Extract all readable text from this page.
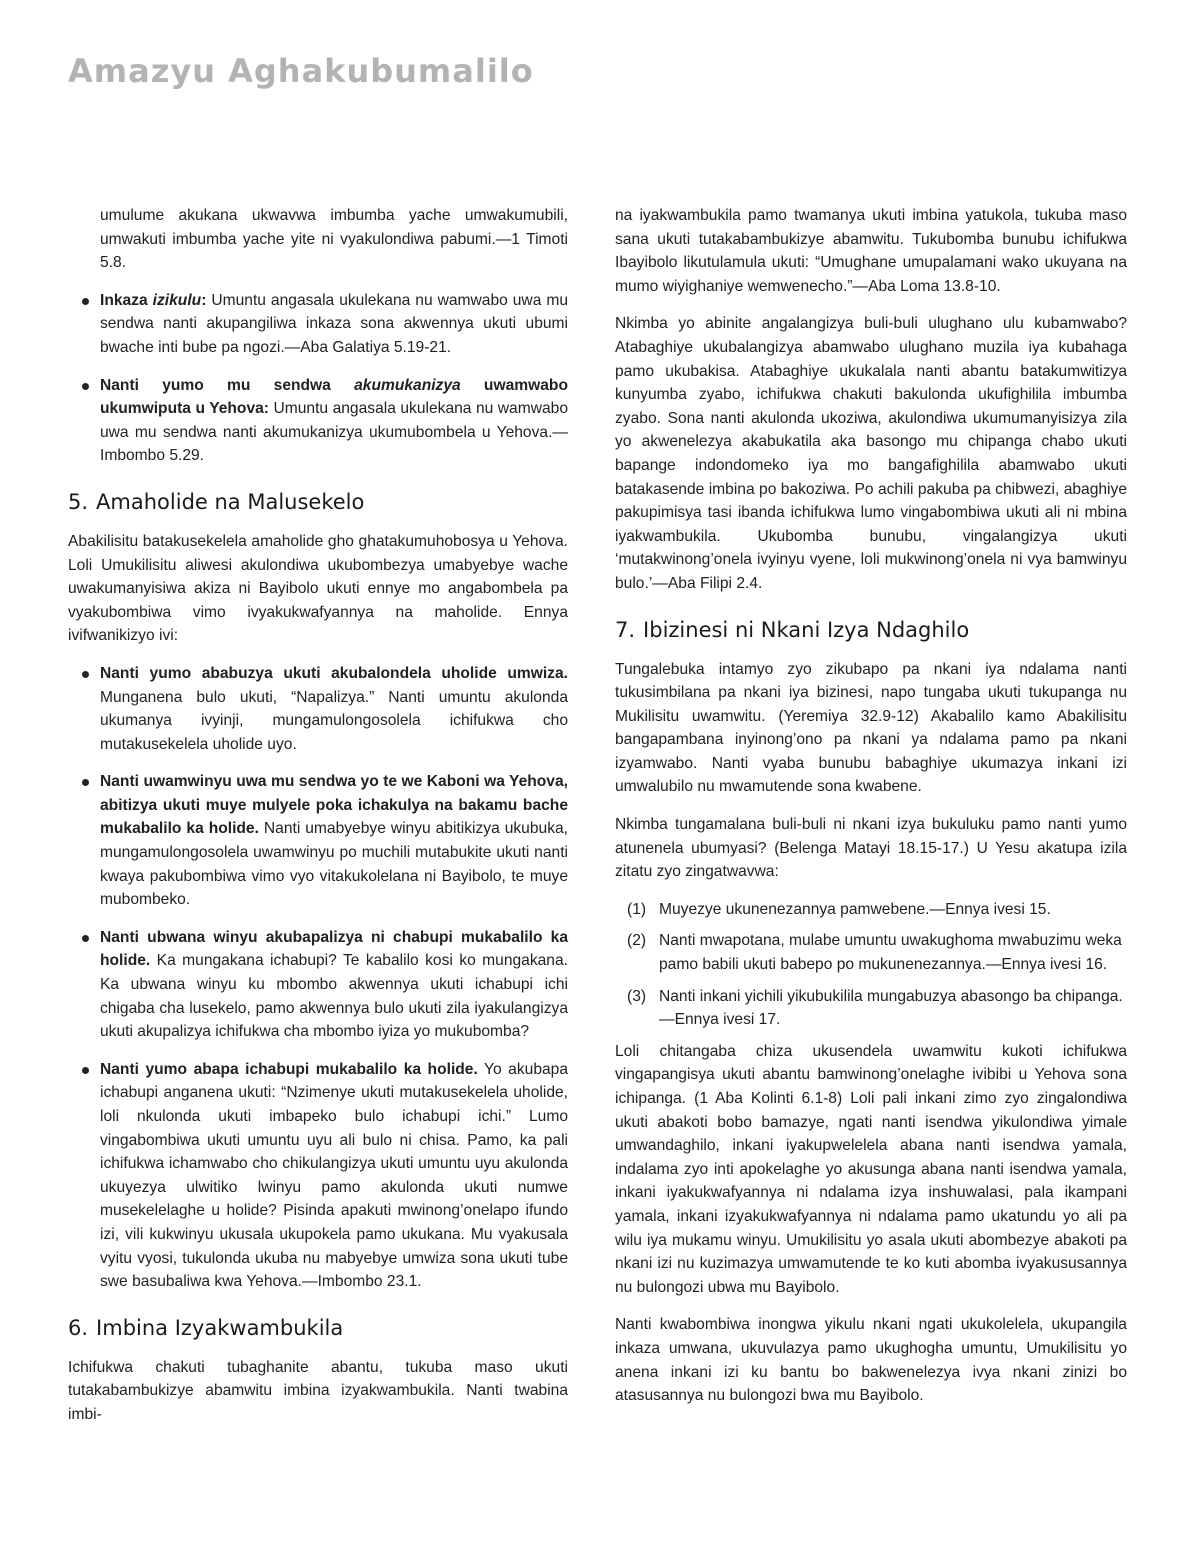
Amazyu Aghakubumalilo

umulume akukana ukwavwa imbumba yache umwakumubili, umwakuti imbumba yache yite ni vyakulondiwa pabumi.—1 Timoti 5.8.

Inkaza izikulu: Umuntu angasala ukulekana nu wamwabo uwa mu sendwa nanti akupangiliwa inkaza sona akwennya ukuti ubumi bwache inti bube pa ngozi.—Aba Galatiya 5.19-21.
Nanti yumo mu sendwa akumukanizya uwamwabo ukumwiputa u Yehova: Umuntu angasala ukulekana nu wamwabo uwa mu sendwa nanti akumukanizya ukumubombela u Yehova.—Imbombo 5.29.
5. Amaholide na Malusekelo

Abakilisitu batakusekelela amaholide gho ghatakumuhobosya u Yehova. Loli Umukilisitu aliwesi akulondiwa ukubombezya umabyebye wache uwakumanyisiwa akiza ni Bayibolo ukuti ennye mo angabombela pa vyakubombiwa vimo ivyakukwafyannya na maholide. Ennya ivifwanikizyo ivi:

Nanti yumo ababuzya ukuti akubalondela uholide umwiza. Munganena bulo ukuti, “Napalizya.” Nanti umuntu akulonda ukumanya ivyinji, mungamulongosolela ichifukwa cho mutakusekelela uholide uyo.
Nanti uwamwinyu uwa mu sendwa yo te we Kaboni wa Yehova, abitizya ukuti muye mulyele poka ichakulya na bakamu bache mukabalilo ka holide. Nanti umabyebye winyu abitikizya ukubuka, mungamulongosolela uwamwinyu po muchili mutabukite ukuti nanti kwaya pakubombiwa vimo vyo vitakukolelana ni Bayibolo, te muye mubombeko.
Nanti ubwana winyu akubapalizya ni chabupi mukabalilo ka holide. Ka mungakana ichabupi? Te kabalilo kosi ko mungakana. Ka ubwana winyu ku mbombo akwennya ukuti ichabupi ichi chigaba cha lusekelo, pamo akwennya bulo ukuti zila iyakulangizya ukuti akupalizya ichifukwa cha mbombo iyiza yo mukubomba?
Nanti yumo abapa ichabupi mukabalilo ka holide. Yo akubapa ichabupi anganena ukuti: “Nzimenye ukuti mutakusekelela uholide, loli nkulonda ukuti imbapeko bulo ichabupi ichi.” Lumo vingabombiwa ukuti umuntu uyu ali bulo ni chisa. Pamo, ka pali ichifukwa ichamwabo cho chikulangizya ukuti umuntu uyu akulonda ukuyezya ulwitiko lwinyu pamo akulonda ukuti numwe musekelelaghe u holide? Pisinda apakuti mwinong’onelapo ifundo izi, vili kukwinyu ukusala ukupokela pamo ukukana. Mu vyakusala vyitu vyosi, tukulonda ukuba nu mabyebye umwiza sona ukuti tube swe basubaliwa kwa Yehova.—Imbombo 23.1.
6. Imbina Izyakwambukila

Ichifukwa chakuti tubaghanite abantu, tukuba maso ukuti tutakabambukizye abamwitu imbina izyakwambukila. Nanti twabina imbi-

na iyakwambukila pamo twamanya ukuti imbina yatukola, tukuba maso sana ukuti tutakabambukizye abamwitu. Tukubomba bunubu ichifukwa Ibayibolo likutulamula ukuti: “Umughane umupalamani wako ukuyana na mumo wiyighaniye wemwenecho.”—Aba Loma 13.8-10.

Nkimba yo abinite angalangizya buli-buli ulughano ulu kubamwabo? Atabaghiye ukubalangizya abamwabo ulughano muzila iya kubahaga pamo ukubakisa. Atabaghiye ukukalala nanti abantu batakumwitizya kunyumba zyabo, ichifukwa chakuti bakulonda ukufighilila imbumba zyabo. Sona nanti akulonda ukoziwa, akulondiwa ukumumanyisizya zila yo akwenelezya akabukatila aka basongo mu chipanga chabo ukuti bapange indondomeko iya mo bangafighilila abamwabo ukuti batakasende imbina po bakoziwa. Po achili pakuba pa chibwezi, abaghiye pakupimisya tasi ibanda ichifukwa lumo vingabombiwa ukuti ali ni mbina iyakwambukila. Ukubomba bunubu, vingalangizya ukuti ‘mutakwinong’onela ivyinyu vyene, loli mukwinong’onela ni vya bamwinyu bulo.’—Aba Filipi 2.4.

7. Ibizinesi ni Nkani Izya Ndaghilo

Tungalebuka intamyo zyo zikubapo pa nkani iya ndalama nanti tukusimbilana pa nkani iya bizinesi, napo tungaba ukuti tukupanga nu Mukilisitu uwamwitu. (Yeremiya 32.9-12) Akabalilo kamo Abakilisitu bangapambana inyinong’ono pa nkani ya ndalama pamo pa nkani izyamwabo. Nanti vyaba bunubu babaghiye ukumazya inkani izi umwalubilo nu mwamutende sona kwabene.

Nkimba tungamalana buli-buli ni nkani izya bukuluku pamo nanti yumo atunenela ubumyasi? (Belenga Matayi 18.15-17.) U Yesu akatupa izila zitatu zyo zingatwavwa:

(1) Muyezye ukunenezannya pamwebene.—Ennya ivesi 15.
(2) Nanti mwapotana, mulabe umuntu uwakughoma mwabuzimu weka pamo babili ukuti babepo po mukunenezannya.—Ennya ivesi 16.
(3) Nanti inkani yichili yikubukilila mungabuzya abasongo ba chipanga.—Ennya ivesi 17.

Loli chitangaba chiza ukusendela uwamwitu kukoti ichifukwa vingapangisya ukuti abantu bamwinong’onelaghe ivibibi u Yehova sona ichipanga. (1 Aba Kolinti 6.1-8) Loli pali inkani zimo zyo zingalondiwa ukuti abakoti bobo bamazye, ngati nanti isendwa yikulondiwa yimale umwandaghilo, inkani iyakupwelelela abana nanti isendwa yamala, indalama zyo inti apokelaghe yo akusunga abana nanti isendwa yamala, inkani iyakukwafyannya ni ndalama izya inshuwalasi, pala ikampani yamala, inkani izyakukwafyannya ni ndalama pamo ukatundu yo ali pa wilu iya mukamu winyu. Umukilisitu yo asala ukuti abombezye abakoti pa nkani izi nu kuzimazya umwamutende te ko kuti abomba ivyakususannya nu bulongozi ubwa mu Bayibolo.

Nanti kwabombiwa inongwa yikulu nkani ngati ukukolelela, ukupangila inkaza umwana, ukuvulazya pamo ukughogha umuntu, Umukilisitu yo anena inkani izi ku bantu bo bakwenelezya ivya nkani zinizi bo atasusannya nu bulongozi bwa mu Bayibolo.
